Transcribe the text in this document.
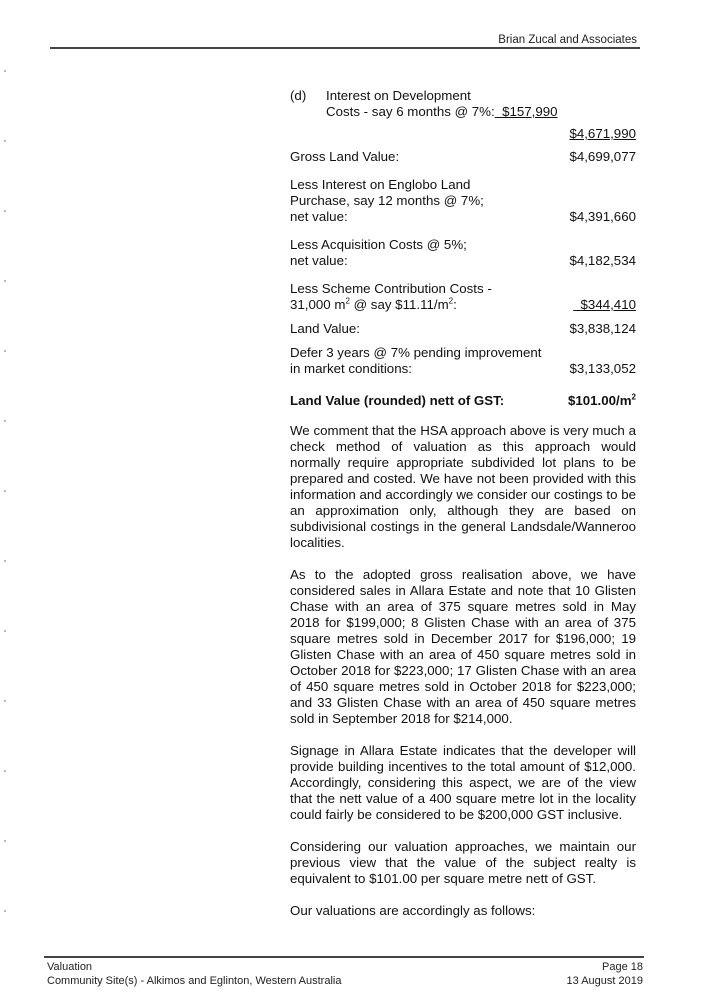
Brian Zucal and Associates
(d)	Interest on Development
Costs - say 6 months @ 7%: $157,990
$4,671,990
Gross Land Value:	$4,699,077
Less Interest on Englobo Land
Purchase, say 12 months @ 7%;
net value:	$4,391,660
Less Acquisition Costs @ 5%;
net value:	$4,182,534
Less Scheme Contribution Costs -
31,000 $m^2$ @ say $\$11.11/m^2$:	$344,410
Land Value:	$3,838,124
Defer 3 years @ 7% pending improvement
in market conditions:	$3,133,052
Land Value (rounded) nett of GST:	$\$101.00/m^2$

We comment that the HSA approach above is very much a check method of valuation as this approach would normally require appropriate subdivided lot plans to be prepared and costed. We have not been provided with this information and accordingly we consider our costings to be an approximation only, although they are based on subdivisional costings in the general Landsdale/Wanneroo localities.

As to the adopted gross realisation above, we have considered sales in Allara Estate and note that 10 Glisten Chase with an area of 375 square metres sold in May 2018 for $199,000; 8 Glisten Chase with an area of 375 square metres sold in December 2017 for $196,000; 19 Glisten Chase with an area of 450 square metres sold in October 2018 for $223,000; 17 Glisten Chase with an area of 450 square metres sold in October 2018 for $223,000; and 33 Glisten Chase with an area of 450 square metres sold in September 2018 for $214,000.

Signage in Allara Estate indicates that the developer will provide building incentives to the total amount of $12,000. Accordingly, considering this aspect, we are of the view that the nett value of a 400 square metre lot in the locality could fairly be considered to be $200,000 GST inclusive.

Considering our valuation approaches, we maintain our previous view that the value of the subject realty is equivalent to $101.00 per square metre nett of GST.

Our valuations are accordingly as follows:

Valuation
Community Site(s) - Alkimos and Eglinton, Western Australia
Page 18
13 August 2019
